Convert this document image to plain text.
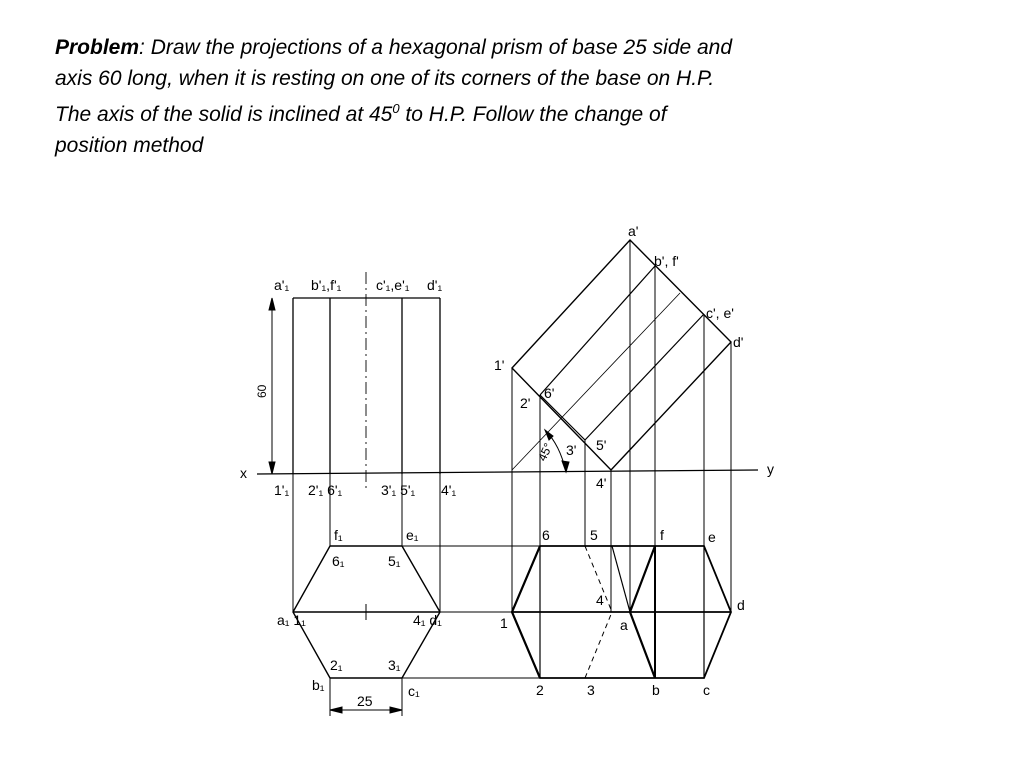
Problem: Draw the projections of a hexagonal prism of base 25 side and
axis 60 long, when it is resting on one of its corners of the base on H.P.
The axis of the solid is inclined at $45^0$ to H.P. Follow the change of
position method
x	y
60
25
45°
a'₁ b'₁,f'₁ c'₁,e'₁ d'₁
1'₁ 2'₁ 6'₁	3'₁ 5'₁ 4'₁
f₁	e₁
6₁	5₁
a₁ 1₁	4₁ d₁
2₁	3₁
b₁	c₁
a'
b', f'
c', e'
d'
1'
2'
6'
3' 5'
4'
6	5	f	e
4
1	a
d
2	3	b	c
